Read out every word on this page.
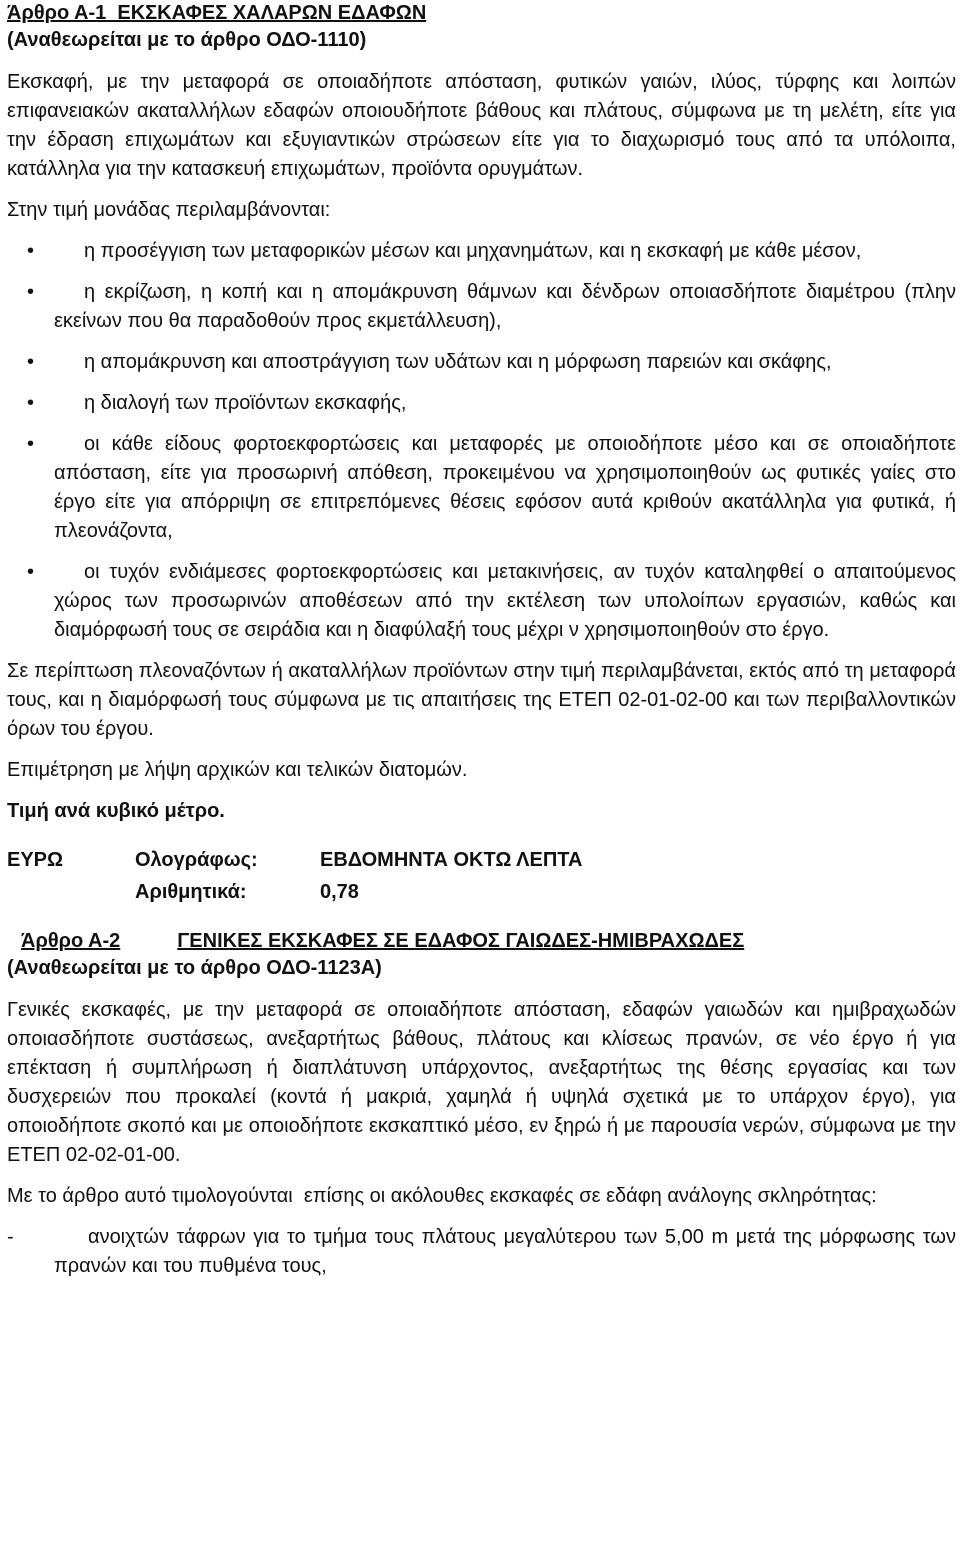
Άρθρο Α-1  ΕΚΣΚΑΦΕΣ ΧΑΛΑΡΩΝ ΕΔΑΦΩΝ

(Αναθεωρείται με το άρθρο ΟΔΟ-1110)

Εκσκαφή, με την μεταφορά σε οποιαδήποτε απόσταση, φυτικών γαιών, ιλύος, τύρφης και λοιπών επιφανειακών ακαταλλήλων εδαφών οποιουδήποτε βάθους και πλάτους, σύμφωνα με τη μελέτη, είτε για την έδραση επιχωμάτων και εξυγιαντικών στρώσεων είτε για το διαχωρισμό τους από τα υπόλοιπα, κατάλληλα για την κατασκευή επιχωμάτων, προϊόντα ορυγμάτων.

Στην τιμή μονάδας περιλαμβάνονται:

•	η προσέγγιση των μεταφορικών μέσων και μηχανημάτων, και η εκσκαφή με κάθε μέσον,
•	η εκρίζωση, η κοπή και η απομάκρυνση θάμνων και δένδρων οποιασδήποτε διαμέτρου (πλην εκείνων που θα παραδοθούν προς εκμετάλλευση),
•	η απομάκρυνση και αποστράγγιση των υδάτων και η μόρφωση παρειών και σκάφης,
•	η διαλογή των προϊόντων εκσκαφής,
•	οι κάθε είδους φορτοεκφορτώσεις και μεταφορές με οποιοδήποτε μέσο και σε οποιαδήποτε απόσταση, είτε για προσωρινή απόθεση, προκειμένου να χρησιμοποιηθούν ως φυτικές γαίες στο έργο είτε για απόρριψη σε επιτρεπόμενες θέσεις εφόσον αυτά κριθούν ακατάλληλα για φυτικά, ή πλεονάζοντα,
•	οι τυχόν ενδιάμεσες φορτοεκφορτώσεις και μετακινήσεις, αν τυχόν καταληφθεί ο απαιτούμενος χώρος των προσωρινών αποθέσεων από την εκτέλεση των υπολοίπων εργασιών, καθώς και διαμόρφωσή τους σε σειράδια και η διαφύλαξή τους μέχρι ν χρησιμοποιηθούν στο έργο.

Σε περίπτωση πλεοναζόντων ή ακαταλλήλων προϊόντων στην τιμή περιλαμβάνεται, εκτός από τη μεταφορά τους, και η διαμόρφωσή τους σύμφωνα με τις απαιτήσεις της ΕΤΕΠ 02-01-02-00 και των περιβαλλοντικών όρων του έργου.

Επιμέτρηση με λήψη αρχικών και τελικών διατομών.

Τιμή ανά κυβικό μέτρο.

ΕΥΡΩ	Ολογράφως:	ΕΒΔΟΜΗΝΤΑ ΟΚΤΩ ΛΕΠΤΑ
Αριθμητικά:	0,78

Άρθρο Α-2	ΓΕΝΙΚΕΣ ΕΚΣΚΑΦΕΣ ΣΕ ΕΔΑΦΟΣ ΓΑΙΩΔΕΣ-ΗΜΙΒΡΑΧΩΔΕΣ

(Αναθεωρείται με το άρθρο ΟΔΟ-1123Α)

Γενικές εκσκαφές, με την μεταφορά σε οποιαδήποτε απόσταση, εδαφών γαιωδών και ημιβραχωδών οποιασδήποτε συστάσεως, ανεξαρτήτως βάθους, πλάτους και κλίσεως πρανών, σε νέο έργο ή για επέκταση ή συμπλήρωση ή διαπλάτυνση υπάρχοντος, ανεξαρτήτως της θέσης εργασίας και των δυσχερειών που προκαλεί (κοντά ή μακριά, χαμηλά ή υψηλά σχετικά με το υπάρχον έργο), για οποιοδήποτε σκοπό και με οποιοδήποτε εκσκαπτικό μέσο, εν ξηρώ ή με παρουσία νερών, σύμφωνα με την ΕΤΕΠ 02-02-01-00.

Με το άρθρο αυτό τιμολογούνται  επίσης οι ακόλουθες εκσκαφές σε εδάφη ανάλογης σκληρότητας:

-	ανοιχτών τάφρων για το τμήμα τους πλάτους μεγαλύτερου των 5,00 m μετά της μόρφωσης των πρανών και του πυθμένα τους,
